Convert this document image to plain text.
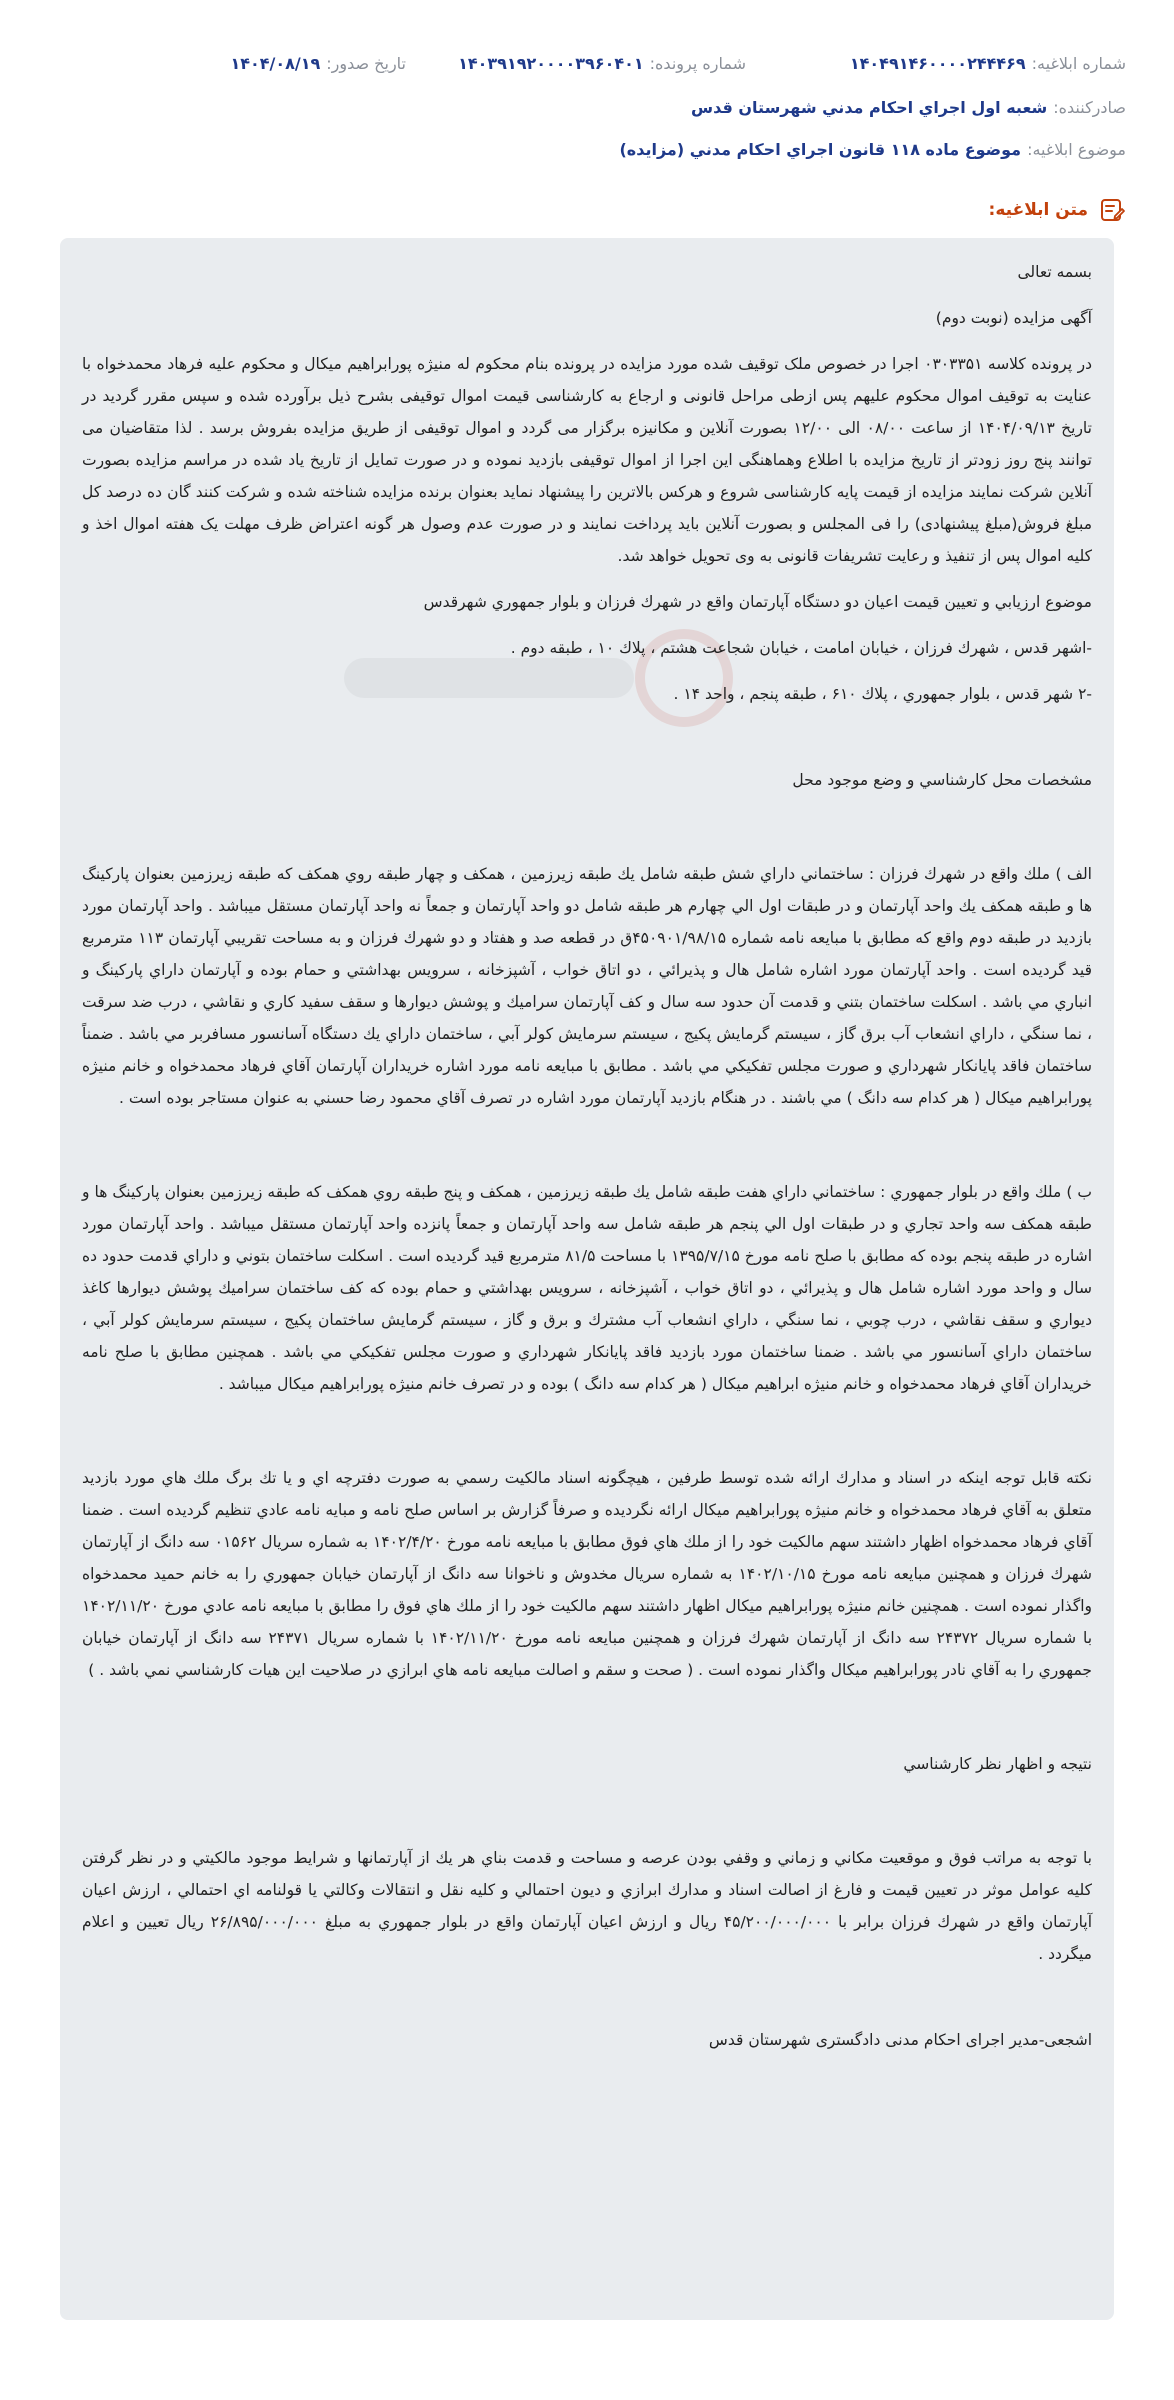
شماره ابلاغیه:
۱۴۰۴۹۱۴۶۰۰۰۰۲۴۴۴۶۹
شماره پرونده:
۱۴۰۳۹۱۹۲۰۰۰۰۳۹۶۰۴۰۱
تاریخ صدور:
۱۴۰۴/۰۸/۱۹
صادرکننده:
شعبه اول اجراي احكام مدني شهرستان قدس
موضوع ابلاغیه:
موضوع ماده ۱۱۸ قانون اجراي احكام مدني (مزایده)
متن ابلاغیه:

بسمه تعالی

آگهی مزایده (نوبت دوم)

در پرونده کلاسه ۰۳۰۳۳۵۱ اجرا در خصوص ملک توقیف شده مورد مزایده در پرونده بنام محکوم له منیژه پورابراهیم میکال و محکوم علیه فرهاد محمدخواه با عنایت به توقیف اموال محکوم علیهم پس ازطی مراحل قانونی و ارجاع به کارشناسی قیمت اموال توقیفی بشرح ذیل برآورده شده و سپس مقرر گردید در تاریخ ۱۴۰۴/۰۹/۱۳ از ساعت ۰۸/۰۰ الی ۱۲/۰۰ بصورت آنلاین و مکانیزه برگزار می گردد و اموال توقیفی از طریق مزایده بفروش برسد . لذا متقاضیان می توانند پنج روز زودتر از تاریخ مزایده با اطلاع وهماهنگی این اجرا از اموال توقیفی بازدید نموده و در صورت تمایل از تاریخ یاد شده در مراسم مزایده بصورت آنلاین شرکت نمایند مزایده از قیمت پایه کارشناسی شروع و هرکس بالاترین را پیشنهاد نماید بعنوان برنده مزایده شناخته شده و شرکت کنند گان ده درصد کل مبلغ فروش(مبلغ پیشنهادی) را فی المجلس و بصورت آنلاین باید پرداخت نمایند و در صورت عدم وصول هر گونه اعتراض ظرف مهلت یک هفته اموال اخذ و کلیه اموال پس از تنفیذ و رعایت تشریفات قانونی به وی تحویل خواهد شد.

موضوع ارزيابي و تعيين قيمت اعيان دو دستگاه آپارتمان واقع در شهرك فرزان و بلوار جمهوري شهرقدس

-اشهر قدس ، شهرك فرزان ، خيابان امامت ، خيابان شجاعت هشتم ، پلاك ١٠ ، طبقه دوم .

-٢ شهر قدس ، بلوار جمهوري ، پلاك ۶١٠ ، طبقه پنجم ، واحد ١۴ .

مشخصات محل كارشناسي و وضع موجود محل

الف ) ملك واقع در شهرك فرزان : ساختماني داراي شش طبقه شامل يك طبقه زيرزمين ، همكف و چهار طبقه روي همكف كه طبقه زيرزمين بعنوان پاركينگ ها و طبقه همكف يك واحد آپارتمان و در طبقات اول الي چهارم هر طبقه شامل دو واحد آپارتمان و جمعاً نه واحد آپارتمان مستقل ميباشد . واحد آپارتمان مورد بازديد در طبقه دوم واقع كه مطابق با مبايعه نامه شماره ۴۵٠٩٠١/٩٨/١۵ق در قطعه صد و هفتاد و دو شهرك فرزان و به مساحت تقريبي آپارتمان ١١٣ مترمربع قيد گرديده است . واحد آپارتمان مورد اشاره شامل هال و پذيرائي ، دو اتاق خواب ، آشپزخانه ، سرويس بهداشتي و حمام بوده و آپارتمان داراي پاركينگ و انباري مي باشد . اسكلت ساختمان بتني و قدمت آن حدود سه سال و كف آپارتمان سراميك و پوشش ديوارها و سقف سفيد كاري و نقاشي ، درب ضد سرقت ، نما سنگي ، داراي انشعاب آب برق گاز ، سيستم گرمايش پكيج ، سيستم سرمايش كولر آبي ، ساختمان داراي يك دستگاه آسانسور مسافربر مي باشد . ضمناً ساختمان فاقد پايانكار شهرداري و صورت مجلس تفكيكي مي باشد . مطابق با مبايعه نامه مورد اشاره خريداران آپارتمان آقاي فرهاد محمدخواه و خانم منيژه پورابراهيم ميكال ( هر كدام سه دانگ ) مي باشند . در هنگام بازديد آپارتمان مورد اشاره در تصرف آقاي محمود رضا حسني به عنوان مستاجر بوده است .

ب ) ملك واقع در بلوار جمهوري : ساختماني داراي هفت طبقه شامل يك طبقه زيرزمين ، همكف و پنج طبقه روي همكف كه طبقه زيرزمين بعنوان پاركينگ ها و طبقه همكف سه واحد تجاري و در طبقات اول الي پنجم هر طبقه شامل سه واحد آپارتمان و جمعاً پانزده واحد آپارتمان مستقل ميباشد . واحد آپارتمان مورد اشاره در طبقه پنجم بوده كه مطابق با صلح نامه مورخ ١٣٩۵/٧/١۵ با مساحت ٨١/۵ مترمربع قيد گرديده است . اسكلت ساختمان بتوني و داراي قدمت حدود ده سال و واحد مورد اشاره شامل هال و پذيرائي ، دو اتاق خواب ، آشپزخانه ، سرويس بهداشتي و حمام بوده كه كف ساختمان سراميك پوشش ديوارها كاغذ ديواري و سقف نقاشي ، درب چوبي ، نما سنگي ، داراي انشعاب آب مشترك و برق و گاز ، سيستم گرمايش ساختمان پكيج ، سيستم سرمايش كولر آبي ، ساختمان داراي آسانسور مي باشد . ضمنا ساختمان مورد بازديد فاقد پايانكار شهرداري و صورت مجلس تفكيكي مي باشد . همچنين مطابق با صلح نامه خريداران آقاي فرهاد محمدخواه و خانم منيژه ابراهيم ميكال ( هر كدام سه دانگ ) بوده و در تصرف خانم منيژه پورابراهيم ميكال ميباشد .

نكته قابل توجه اينكه در اسناد و مدارك ارائه شده توسط طرفين ، هيچگونه اسناد مالكيت رسمي به صورت دفترچه اي و يا تك برگ ملك هاي مورد بازديد متعلق به آقاي فرهاد محمدخواه و خانم منيژه پورابراهيم ميكال ارائه نگرديده و صرفاً گزارش بر اساس صلح نامه و مبايه نامه عادي تنظيم گرديده است . ضمنا آقاي فرهاد محمدخواه اظهار داشتند سهم مالكيت خود را از ملك هاي فوق مطابق با مبايعه نامه مورخ ١۴٠٢/۴/٢٠ به شماره سريال ٠١۵۶٢ سه دانگ از آپارتمان شهرك فرزان و همچنين مبايعه نامه مورخ ١۴٠٢/١٠/١۵ به شماره سريال مخدوش و ناخوانا سه دانگ از آپارتمان خيابان جمهوري را به خانم حميد محمدخواه واگذار نموده است . همچنين خانم منيژه پورابراهيم ميكال اظهار داشتند سهم مالكيت خود را از ملك هاي فوق را مطابق با مبايعه نامه عادي مورخ ١۴٠٢/١١/٢٠ با شماره سريال ٢۴٣٧٢ سه دانگ از آپارتمان شهرك فرزان و همچنين مبايعه نامه مورخ ١۴٠٢/١١/٢٠ با شماره سريال ٢۴٣٧١ سه دانگ از آپارتمان خيابان جمهوري را به آقاي نادر پورابراهيم ميكال واگذار نموده است . ( صحت و سقم و اصالت مبايعه نامه هاي ابرازي در صلاحيت اين هيات كارشناسي نمي باشد . )

نتيجه و اظهار نظر كارشناسي

با توجه به مراتب فوق و موقعيت مكاني و زماني و وقفي بودن عرصه و مساحت و قدمت بناي هر يك از آپارتمانها و شرايط موجود مالكيتي و در نظر گرفتن كليه عوامل موثر در تعيين قيمت و فارغ از اصالت اسناد و مدارك ابرازي و ديون احتمالي و كليه نقل و انتقالات وكالتي يا قولنامه اي احتمالي ، ارزش اعيان آپارتمان واقع در شهرك فرزان برابر با ۴۵/٢٠٠/٠٠٠/٠٠٠ ريال و ارزش اعيان آپارتمان واقع در بلوار جمهوري به مبلغ ٢۶/٨٩۵/٠٠٠/٠٠٠ ريال تعيين و اعلام ميگردد .

اشجعی-مدیر اجرای احکام مدنی دادگستری شهرستان قدس
